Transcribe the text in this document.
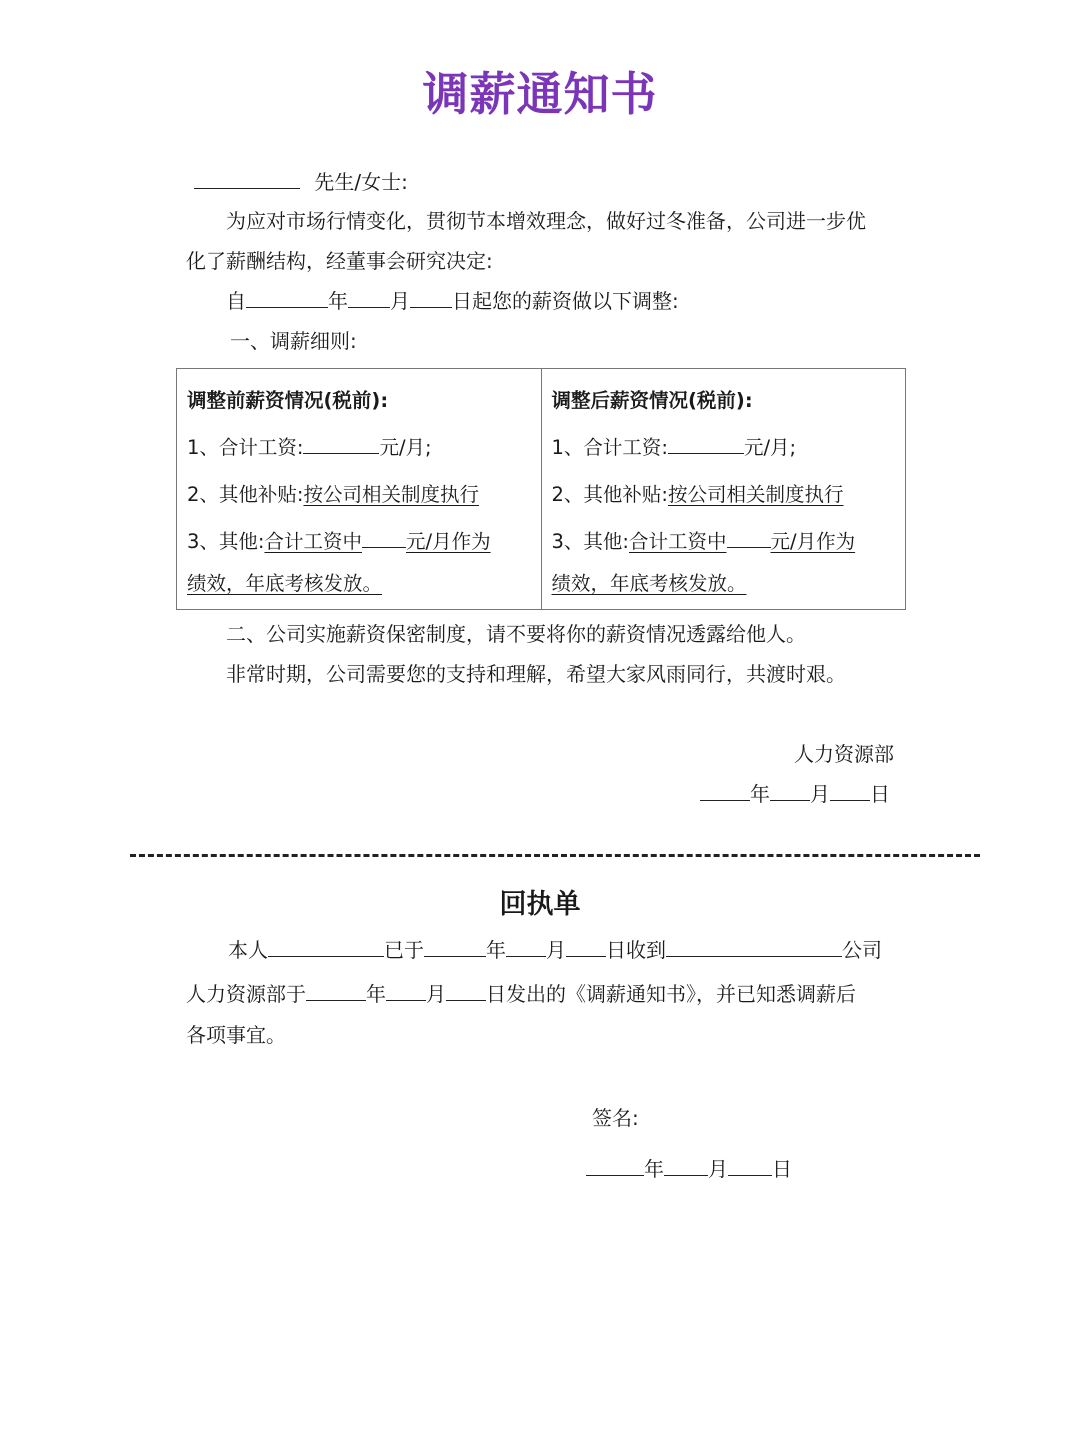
调薪通知书
先生/女士:
为应对市场行情变化，贯彻节本增效理念，做好过冬准备，公司进一步优
化了薪酬结构，经董事会研究决定:
自	年 月 日起您的薪资做以下调整:
一、调薪细则:
调整前薪资情况(税前):
1、合计工资:	元/月;
2、其他补贴:按公司相关制度执行
3、其他:合计工资中 元/月作为
绩效，年底考核发放。

调整后薪资情况(税前):
1、合计工资:	元/月;
2、其他补贴:按公司相关制度执行
3、其他:合计工资中 元/月作为
绩效，年底考核发放。
二、公司实施薪资保密制度，请不要将你的薪资情况透露给他人。
非常时期，公司需要您的支持和理解，希望大家风雨同行，共渡时艰。
人力资源部
年 月 日
回执单
本人	已于	年 月 日收到	公司
人力资源部于	年 月 日发出的《调薪通知书》，并已知悉调薪后
各项事宜。
签名:
年 月 日
